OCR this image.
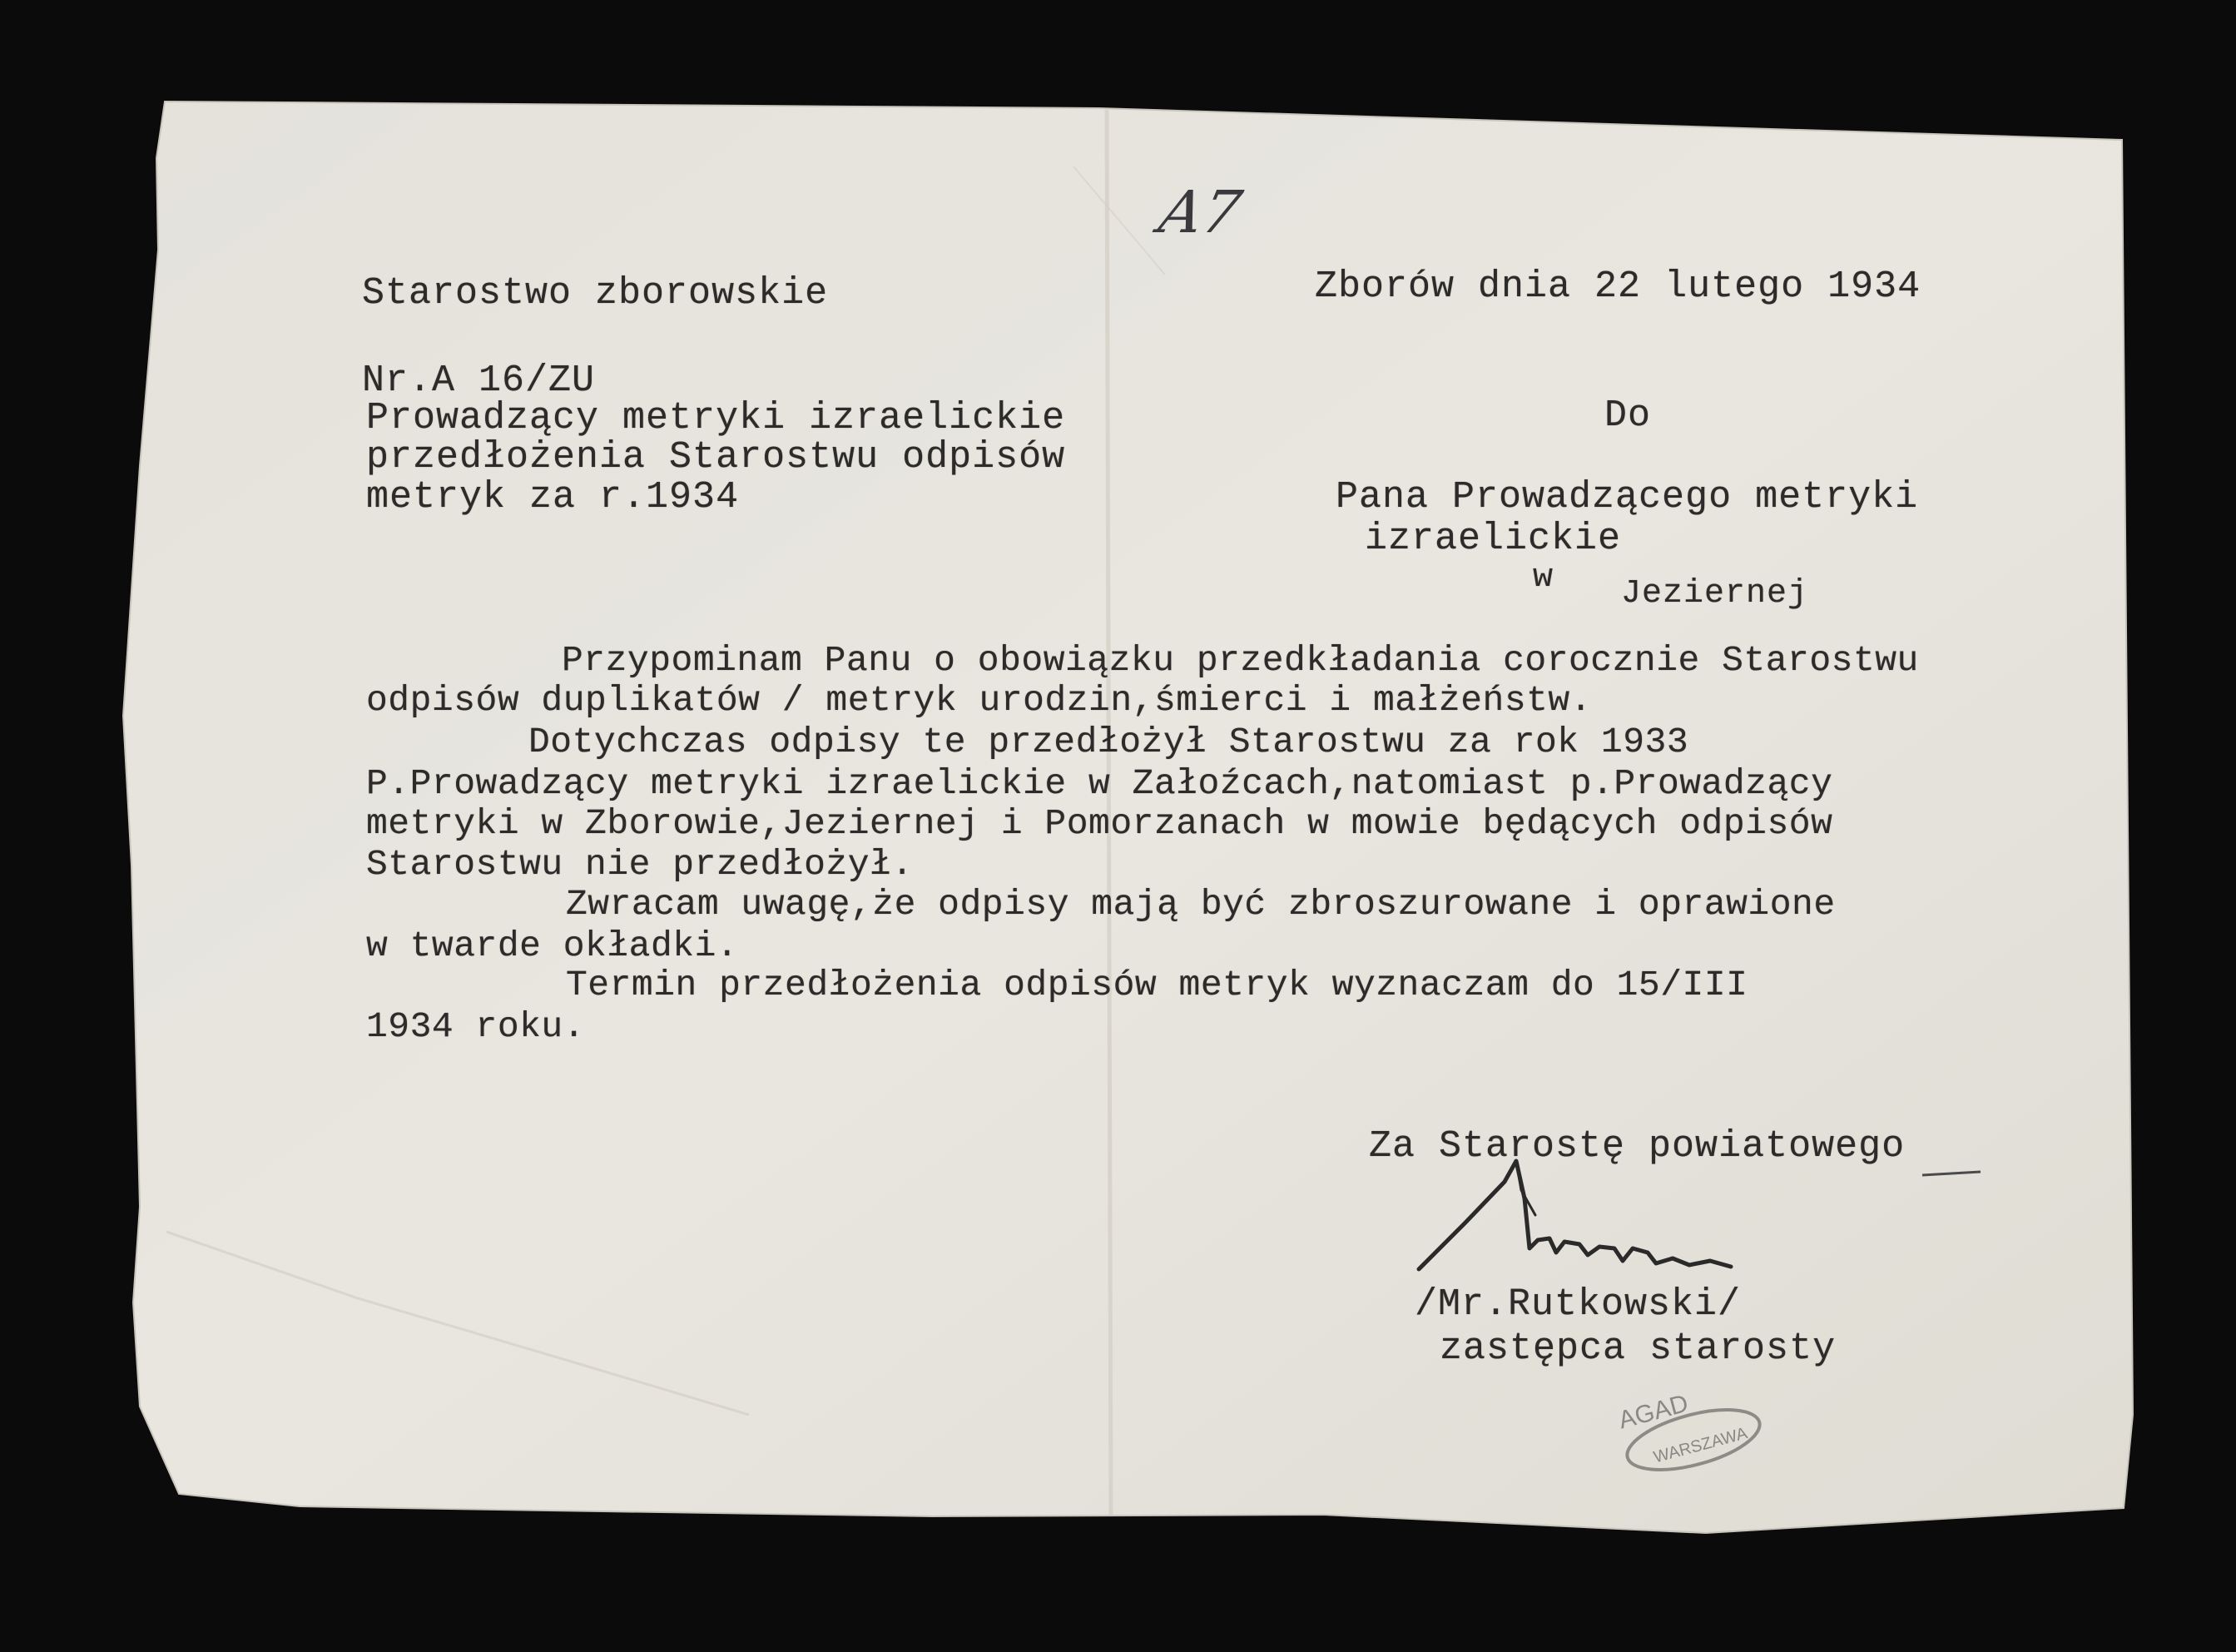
AGAD
WARSZAWA
A7
Starostwo zborowskie	Zborów dnia 22 lutego 1934
Nr.A 16/ZU
Prowadzący metryki izraelickie
przedłożenia Starostwu odpisów
metryk za r.1934
Do
Pana Prowadzącego metryki
izraelickie
w Jeziernej
Przypominam Panu o obowiązku przedkładania corocznie Starostwu
odpisów duplikatów / metryk urodzin,śmierci i małżeństw.
Dotychczas odpisy te przedłożył Starostwu za rok 1933
P.Prowadzący metryki izraelickie w Załoźcach,natomiast p.Prowadzący
metryki w Zborowie,Jeziernej i Pomorzanach w mowie będących odpisów
Starostwu nie przedłożył.
Zwracam uwagę,że odpisy mają być zbroszurowane i oprawione
w twarde okładki.
Termin przedłożenia odpisów metryk wyznaczam do 15/III
1934 roku.
Za Starostę powiatowego
/Mr.Rutkowski/
zastępca starosty
